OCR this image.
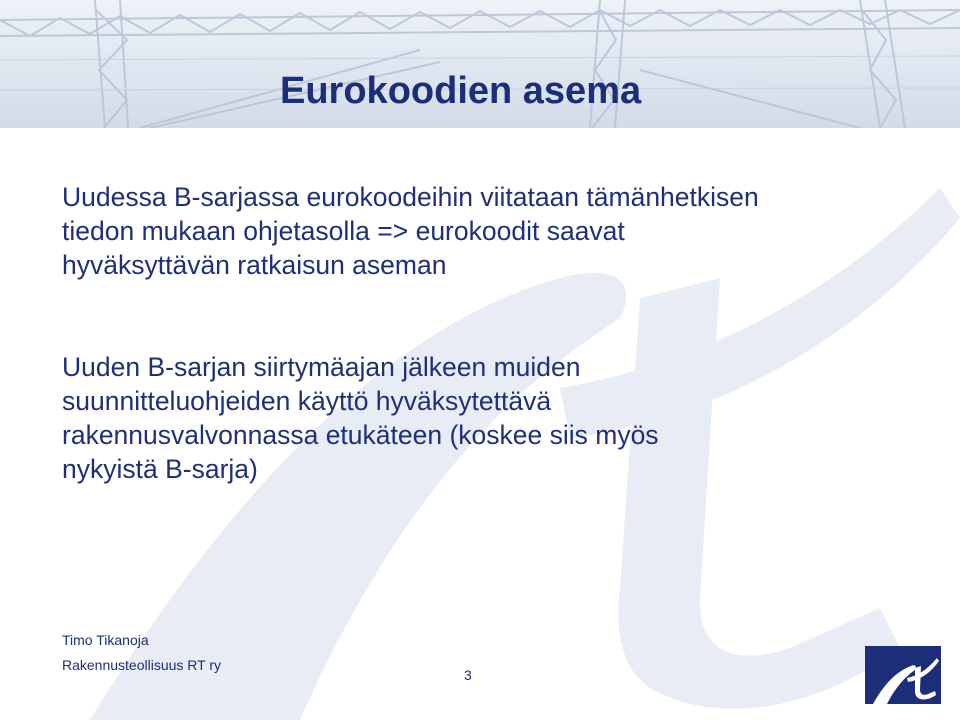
Eurokoodien asema
Uudessa B-sarjassa eurokoodeihin viitataan tämänhetkisen
tiedon mukaan ohjetasolla => eurokoodit saavat
hyväksyttävän ratkaisun aseman
Uuden B-sarjan siirtymäajan jälkeen muiden
suunnitteluohjeiden käyttö hyväksytettävä
rakennusvalvonnassa etukäteen (koskee siis myös
nykyistä B-sarja)
Timo Tikanoja
Rakennusteollisuus RT ry
3
